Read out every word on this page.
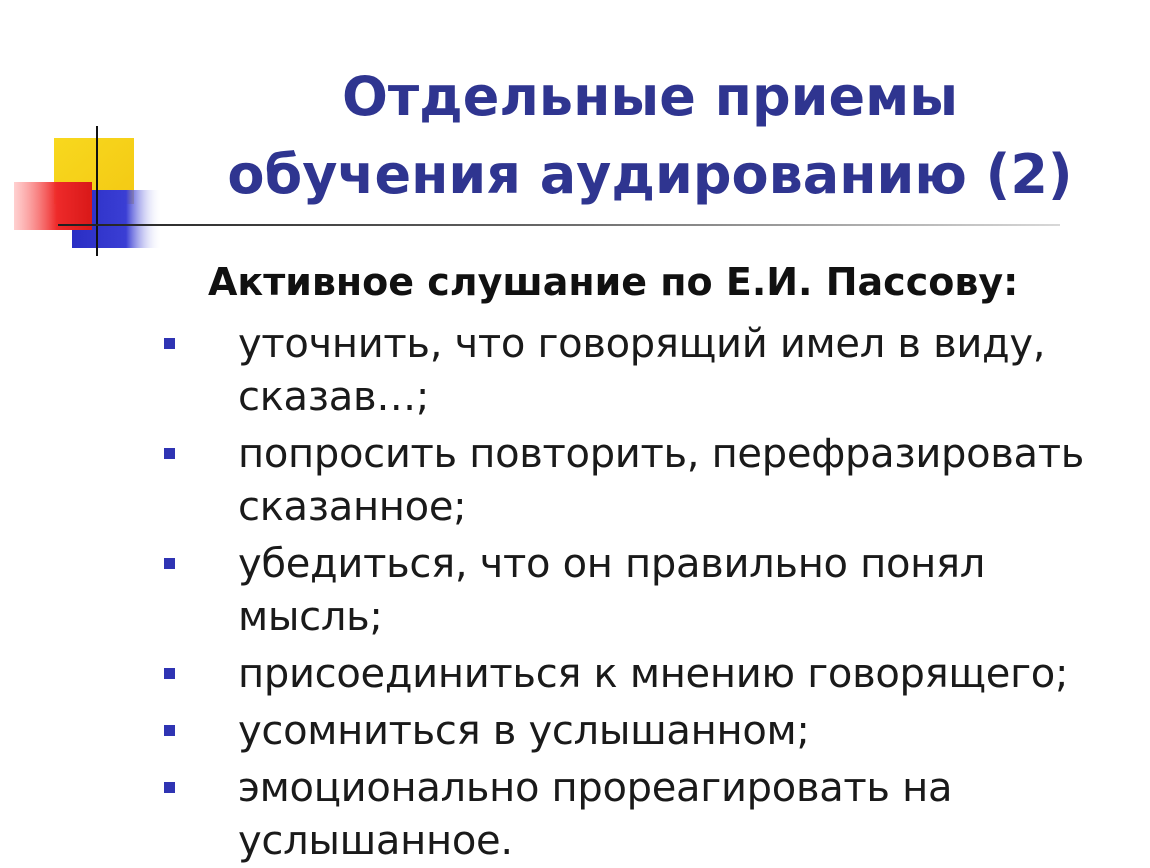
Отдельные приемы
обучения аудированию (2)
Активное слушание по Е.И. Пассову:
уточнить, что говорящий имел в виду,
сказав…;
попросить повторить, перефразировать
сказанное;
убедиться, что он правильно понял
мысль;
присоединиться к мнению говорящего;
усомниться в услышанном;
эмоционально прореагировать на
услышанное.
